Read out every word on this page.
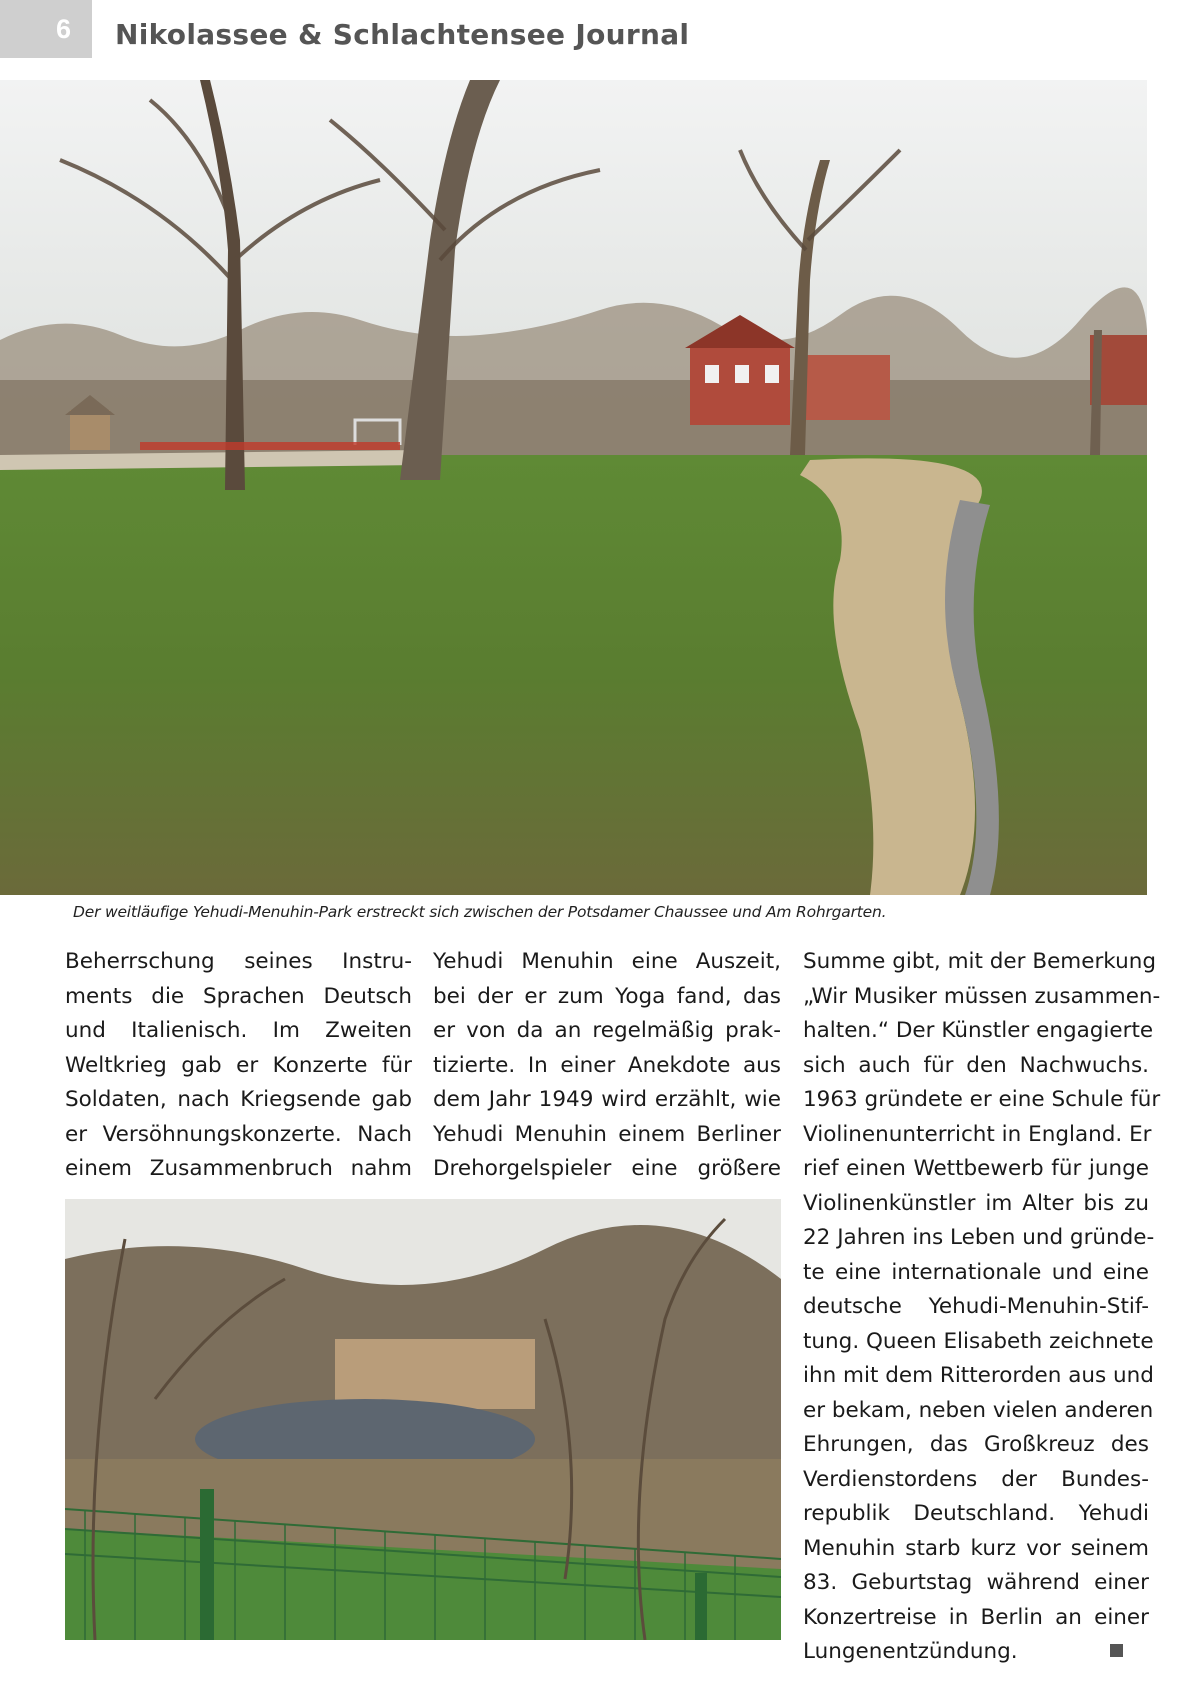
6 Nikolassee & Schlachtensee Journal

Der weitläufige Yehudi-Menuhin-Park erstreckt sich zwischen der Potsdamer Chaussee und Am Rohrgarten.

Beherrschung seines Instru-
ments die Sprachen Deutsch
und Italienisch. Im Zweiten
Weltkrieg gab er Konzerte für
Soldaten, nach Kriegsende gab
er Versöhnungskonzerte. Nach
einem Zusammenbruch nahm
Yehudi Menuhin eine Auszeit,
bei der er zum Yoga fand, das
er von da an regelmäßig prak-
tizierte. In einer Anekdote aus
dem Jahr 1949 wird erzählt, wie
Yehudi Menuhin einem Berliner
Drehorgelspieler eine größere
Summe gibt, mit der Bemerkung
„Wir Musiker müssen zusammen-
halten.“ Der Künstler engagierte
sich auch für den Nachwuchs.
1963 gründete er eine Schule für
Violinenunterricht in England. Er
rief einen Wettbewerb für junge
Violinenkünstler im Alter bis zu
22 Jahren ins Leben und gründe-
te eine internationale und eine
deutsche Yehudi-Menuhin-Stif-
tung. Queen Elisabeth zeichnete
ihn mit dem Ritterorden aus und
er bekam, neben vielen anderen
Ehrungen, das Großkreuz des
Verdienstordens der Bundes-
republik Deutschland. Yehudi
Menuhin starb kurz vor seinem
83. Geburtstag während einer
Konzertreise in Berlin an einer
Lungenentzündung.
